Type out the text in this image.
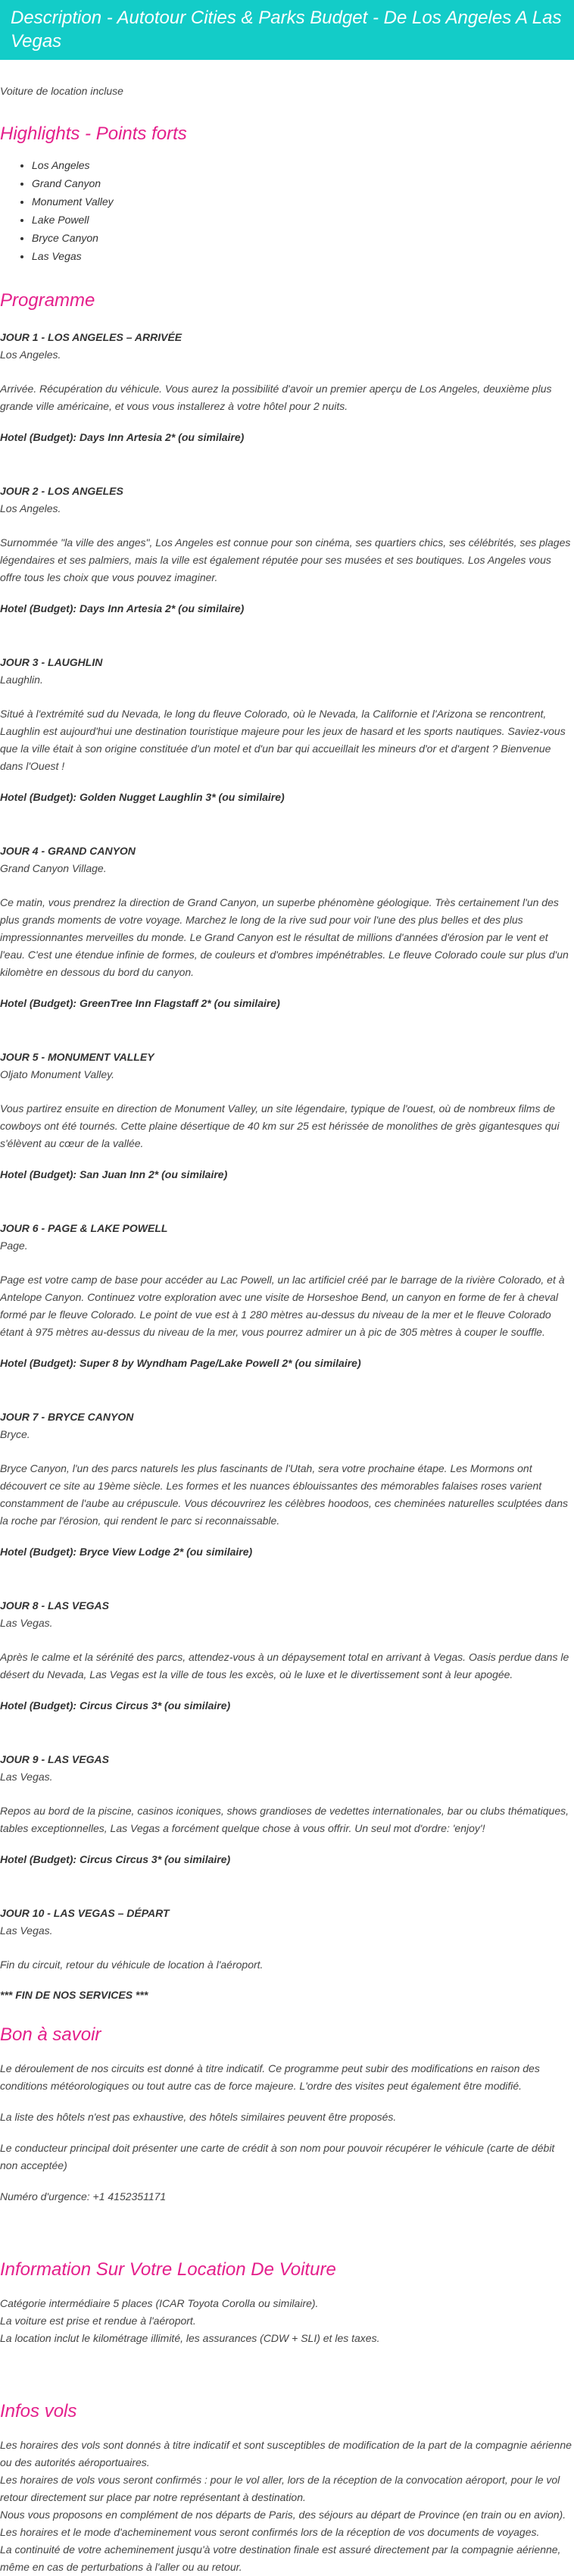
Description - Autotour Cities & Parks Budget - De Los Angeles A Las Vegas
Voiture de location incluse
Highlights - Points forts
• Los Angeles
• Grand Canyon
• Monument Valley
• Lake Powell
• Bryce Canyon
• Las Vegas
Programme
JOUR 1 - LOS ANGELES – ARRIVÉE
Los Angeles.
Arrivée. Récupération du véhicule. Vous aurez la possibilité d'avoir un premier aperçu de Los Angeles, deuxième plus grande ville américaine, et vous vous installerez à votre hôtel pour 2 nuits.
Hotel (Budget): Days Inn Artesia 2* (ou similaire)
JOUR 2 - LOS ANGELES
Los Angeles.
Surnommée "la ville des anges", Los Angeles est connue pour son cinéma, ses quartiers chics, ses célébrités, ses plages légendaires et ses palmiers, mais la ville est également réputée pour ses musées et ses boutiques. Los Angeles vous offre tous les choix que vous pouvez imaginer.
Hotel (Budget): Days Inn Artesia 2* (ou similaire)
JOUR 3 - LAUGHLIN
Laughlin.
Situé à l'extrémité sud du Nevada, le long du fleuve Colorado, où le Nevada, la Californie et l'Arizona se rencontrent, Laughlin est aujourd'hui une destination touristique majeure pour les jeux de hasard et les sports nautiques. Saviez-vous que la ville était à son origine constituée d'un motel et d'un bar qui accueillait les mineurs d'or et d'argent ? Bienvenue dans l'Ouest !
Hotel (Budget): Golden Nugget Laughlin 3* (ou similaire)
JOUR 4 - GRAND CANYON
Grand Canyon Village.
Ce matin, vous prendrez la direction de Grand Canyon, un superbe phénomène géologique. Très certainement l'un des plus grands moments de votre voyage. Marchez le long de la rive sud pour voir l'une des plus belles et des plus impressionnantes merveilles du monde. Le Grand Canyon est le résultat de millions d'années d'érosion par le vent et l'eau. C'est une étendue infinie de formes, de couleurs et d'ombres impénétrables. Le fleuve Colorado coule sur plus d'un kilomètre en dessous du bord du canyon.
Hotel (Budget): GreenTree Inn Flagstaff 2* (ou similaire)
JOUR 5 - MONUMENT VALLEY
Oljato Monument Valley.
Vous partirez ensuite en direction de Monument Valley, un site légendaire, typique de l'ouest, où de nombreux films de cowboys ont été tournés. Cette plaine désertique de 40 km sur 25 est hérissée de monolithes de grès gigantesques qui s'élèvent au cœur de la vallée.
Hotel (Budget): San Juan Inn 2* (ou similaire)
JOUR 6 - PAGE & LAKE POWELL
Page.
Page est votre camp de base pour accéder au Lac Powell, un lac artificiel créé par le barrage de la rivière Colorado, et à Antelope Canyon. Continuez votre exploration avec une visite de Horseshoe Bend, un canyon en forme de fer à cheval formé par le fleuve Colorado. Le point de vue est à 1 280 mètres au-dessus du niveau de la mer et le fleuve Colorado étant à 975 mètres au-dessus du niveau de la mer, vous pourrez admirer un à pic de 305 mètres à couper le souffle.
Hotel (Budget): Super 8 by Wyndham Page/Lake Powell 2* (ou similaire)
JOUR 7 - BRYCE CANYON
Bryce.
Bryce Canyon, l'un des parcs naturels les plus fascinants de l'Utah, sera votre prochaine étape. Les Mormons ont découvert ce site au 19ème siècle. Les formes et les nuances éblouissantes des mémorables falaises roses varient constamment de l'aube au crépuscule. Vous découvrirez les célèbres hoodoos, ces cheminées naturelles sculptées dans la roche par l'érosion, qui rendent le parc si reconnaissable.
Hotel (Budget): Bryce View Lodge 2* (ou similaire)
JOUR 8 - LAS VEGAS
Las Vegas.
Après le calme et la sérénité des parcs, attendez-vous à un dépaysement total en arrivant à Vegas. Oasis perdue dans le désert du Nevada, Las Vegas est la ville de tous les excès, où le luxe et le divertissement sont à leur apogée.
Hotel (Budget): Circus Circus 3* (ou similaire)
JOUR 9 - LAS VEGAS
Las Vegas.
Repos au bord de la piscine, casinos iconiques, shows grandioses de vedettes internationales, bar ou clubs thématiques, tables exceptionnelles, Las Vegas a forcément quelque chose à vous offrir. Un seul mot d'ordre: 'enjoy'!
Hotel (Budget): Circus Circus 3* (ou similaire)
JOUR 10 - LAS VEGAS – DÉPART
Las Vegas.
Fin du circuit, retour du véhicule de location à l'aéroport.
*** FIN DE NOS SERVICES ***
Bon à savoir
Le déroulement de nos circuits est donné à titre indicatif. Ce programme peut subir des modifications en raison des conditions météorologiques ou tout autre cas de force majeure. L'ordre des visites peut également être modifié.
La liste des hôtels n'est pas exhaustive, des hôtels similaires peuvent être proposés.
Le conducteur principal doit présenter une carte de crédit à son nom pour pouvoir récupérer le véhicule (carte de débit non acceptée)
Numéro d'urgence: +1 4152351171
Information Sur Votre Location De Voiture
Catégorie intermédiaire 5 places (ICAR Toyota Corolla ou similaire).
La voiture est prise et rendue à l'aéroport.
La location inclut le kilométrage illimité, les assurances (CDW + SLI) et les taxes.
Infos vols
Les horaires des vols sont donnés à titre indicatif et sont susceptibles de modification de la part de la compagnie aérienne ou des autorités aéroportuaires.
Les horaires de vols vous seront confirmés : pour le vol aller, lors de la réception de la convocation aéroport, pour le vol retour directement sur place par notre représentant à destination.
Nous vous proposons en complément de nos départs de Paris, des séjours au départ de Province (en train ou en avion).
Les horaires et le mode d'acheminement vous seront confirmés lors de la réception de vos documents de voyages.
La continuité de votre acheminement jusqu'à votre destination finale est assuré directement par la compagnie aérienne, même en cas de perturbations à l'aller ou au retour.
